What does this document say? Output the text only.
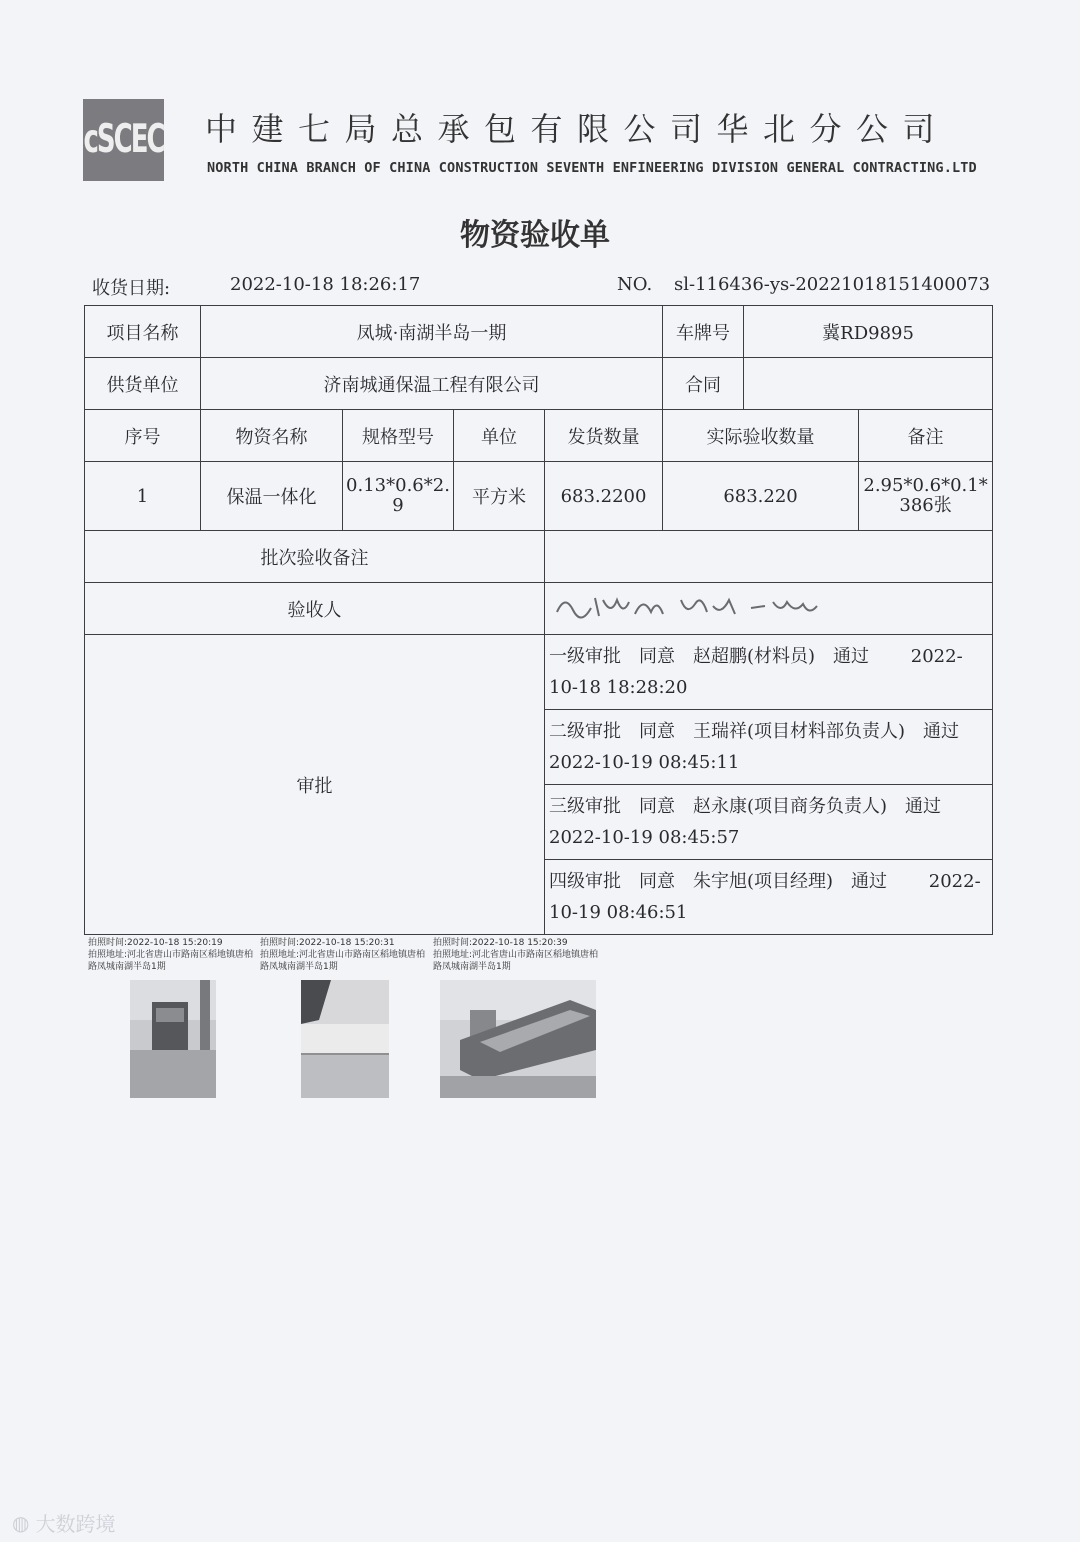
cSCEC 中建七局总承包有限公司华北分公司
NORTH CHINA BRANCH OF CHINA CONSTRUCTION SEVENTH ENFINEERING DIVISION GENERAL CONTRACTING.LTD
物资验收单
收货日期:	2022-10-18 18:26:17	NO. sl-116436-ys-20221018151400073
项目名称	凤城·南湖半岛一期				车牌号	冀RD9895	
供货单位	济南城通保温工程有限公司				合同		
序号	物资名称	规格型号	单位	发货数量	实际验收数量		备注
1	保温一体化	0.13*0.6*2.9	平方米	683.2200	683.220		2.95*0.6*0.1*386张
批次验收备注							
验收人	
审批				一级审批　同意　赵超鹏(材料员)　通过　　 2022-10-18 18:28:20			
				二级审批　同意　王瑞祥(项目材料部负责人)　通过 2022-10-19 08:45:11			
				三级审批　同意　赵永康(项目商务负责人)　通过2022-10-19 08:45:57			
				四级审批　同意　朱宇旭(项目经理)　通过　　 2022-10-19 08:46:51			
拍照时间:2022-10-18 15:20:19
拍照地址:河北省唐山市路南区稻地镇唐柏路凤城南湖半岛1期
拍照时间:2022-10-18 15:20:31
拍照地址:河北省唐山市路南区稻地镇唐柏路凤城南湖半岛1期
拍照时间:2022-10-18 15:20:39
拍照地址:河北省唐山市路南区稻地镇唐柏路凤城南湖半岛1期
◍ 大数跨境
